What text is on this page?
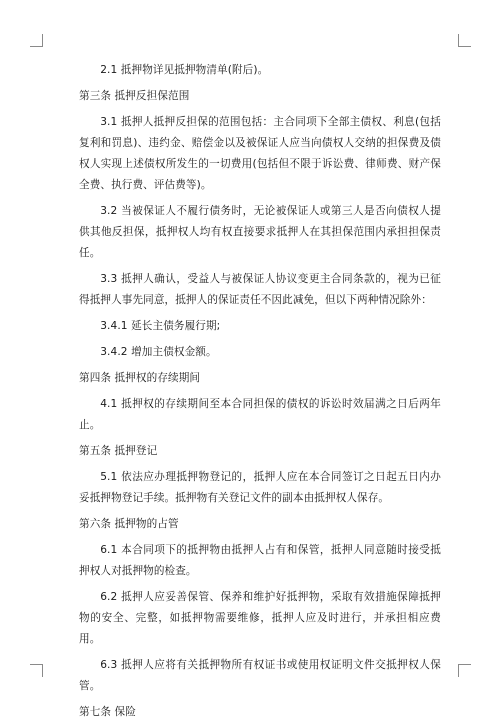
2.1 抵押物详见抵押物清单(附后)。

第三条 抵押反担保范围

3.1 抵押人抵押反担保的范围包括：主合同项下全部主债权、利息(包括复利和罚息)、违约金、赔偿金以及被保证人应当向债权人交纳的担保费及债权人实现上述债权所发生的一切费用(包括但不限于诉讼费、律师费、财产保全费、执行费、评估费等)。

3.2 当被保证人不履行债务时，无论被保证人或第三人是否向债权人提供其他反担保，抵押权人均有权直接要求抵押人在其担保范围内承担担保责任。

3.3 抵押人确认，受益人与被保证人协议变更主合同条款的，视为已征得抵押人事先同意，抵押人的保证责任不因此减免，但以下两种情况除外：

3.4.1 延长主债务履行期;

3.4.2 增加主债权金额。

第四条 抵押权的存续期间

4.1 抵押权的存续期间至本合同担保的债权的诉讼时效届满之日后两年止。

第五条 抵押登记

5.1 依法应办理抵押物登记的，抵押人应在本合同签订之日起五日内办妥抵押物登记手续。抵押物有关登记文件的副本由抵押权人保存。

第六条 抵押物的占管

6.1 本合同项下的抵押物由抵押人占有和保管，抵押人同意随时接受抵押权人对抵押物的检查。

6.2 抵押人应妥善保管、保养和维护好抵押物，采取有效措施保障抵押物的安全、完整，如抵押物需要维修，抵押人应及时进行，并承担相应费用。

6.3 抵押人应将有关抵押物所有权证书或使用权证明文件交抵押权人保管。

第七条 保险
